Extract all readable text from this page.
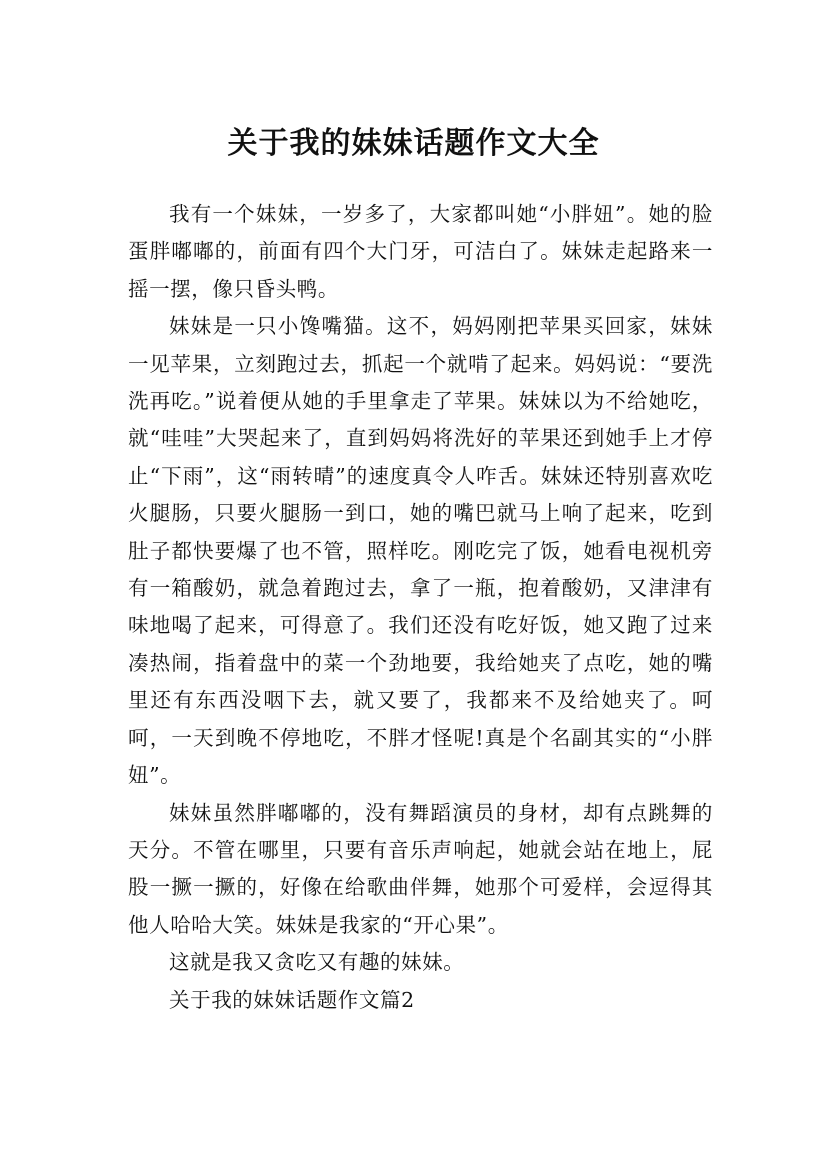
关于我的妹妹话题作文大全

我有一个妹妹，一岁多了，大家都叫她“小胖妞”。她的脸蛋胖嘟嘟的，前面有四个大门牙，可洁白了。妹妹走起路来一摇一摆，像只昏头鸭。

妹妹是一只小馋嘴猫。这不，妈妈刚把苹果买回家，妹妹一见苹果，立刻跑过去，抓起一个就啃了起来。妈妈说：“要洗洗再吃。”说着便从她的手里拿走了苹果。妹妹以为不给她吃，就“哇哇”大哭起来了，直到妈妈将洗好的苹果还到她手上才停止“下雨”，这“雨转晴”的速度真令人咋舌。妹妹还特别喜欢吃火腿肠，只要火腿肠一到口，她的嘴巴就马上响了起来，吃到肚子都快要爆了也不管，照样吃。刚吃完了饭，她看电视机旁有一箱酸奶，就急着跑过去，拿了一瓶，抱着酸奶，又津津有味地喝了起来，可得意了。我们还没有吃好饭，她又跑了过来凑热闹，指着盘中的菜一个劲地要，我给她夹了点吃，她的嘴里还有东西没咽下去，就又要了，我都来不及给她夹了。呵呵，一天到晚不停地吃，不胖才怪呢!真是个名副其实的“小胖妞”。

妹妹虽然胖嘟嘟的，没有舞蹈演员的身材，却有点跳舞的天分。不管在哪里，只要有音乐声响起，她就会站在地上，屁股一撅一撅的，好像在给歌曲伴舞，她那个可爱样，会逗得其他人哈哈大笑。妹妹是我家的“开心果”。

这就是我又贪吃又有趣的妹妹。

关于我的妹妹话题作文篇2
